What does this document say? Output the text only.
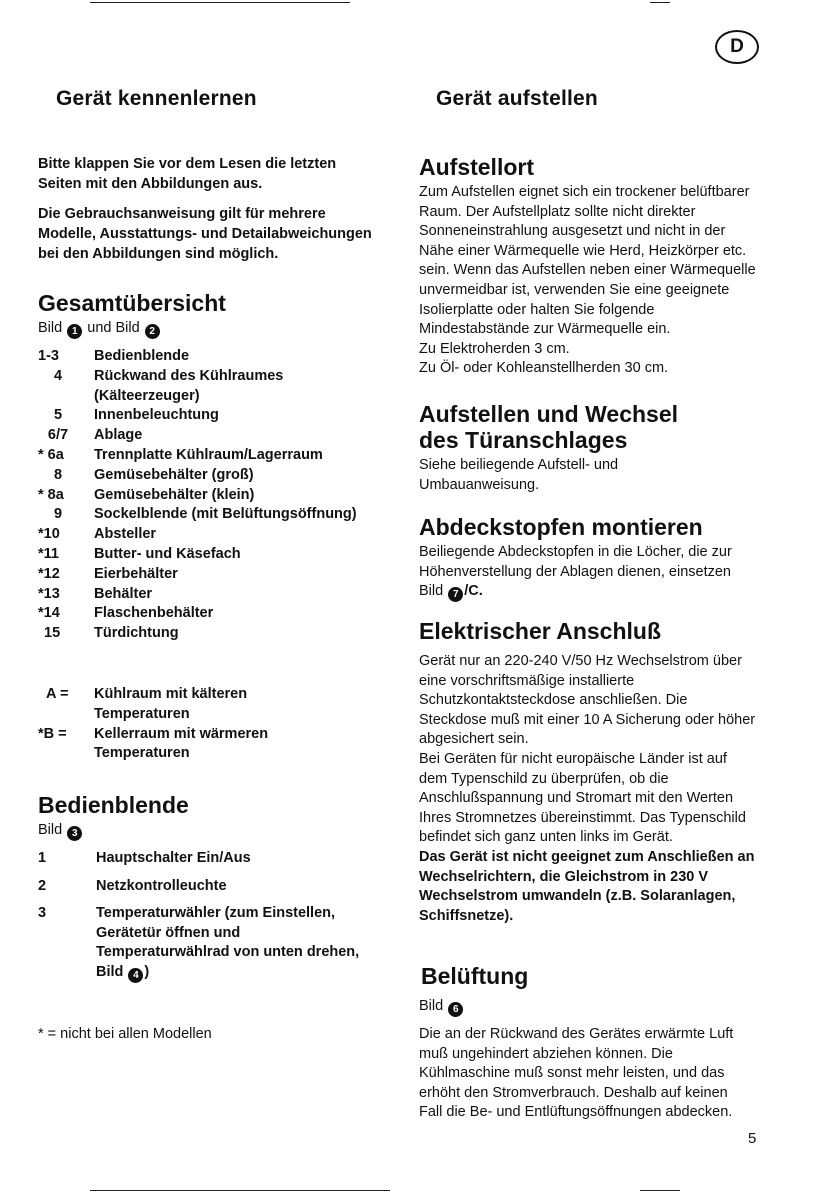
D
Gerät kennenlernen
Bitte klappen Sie vor dem Lesen die letzten Seiten mit den Abbildungen aus.
Die Gebrauchsanweisung gilt für mehrere Modelle, Ausstattungs- und Detailabweichungen bei den Abbildungen sind möglich.
Gesamtübersicht
Bild 1 und Bild 2
1-3	Bedienblende
4	Rückwand des Kühlraumes (Kälteerzeuger)
5	Innenbeleuchtung
6/7	Ablage
* 6a	Trennplatte Kühlraum/Lagerraum
8	Gemüsebehälter (groß)
* 8a	Gemüsebehälter (klein)
9	Sockelblende (mit Belüftungsöffnung)
*10	Absteller
*11	Butter- und Käsefach
*12	Eierbehälter
*13	Behälter
*14	Flaschenbehälter
15	Türdichtung
A =	Kühlraum mit kälteren Temperaturen
*B =	Kellerraum mit wärmeren Temperaturen
Bedienblende
Bild 3
1	Hauptschalter Ein/Aus
2	Netzkontrolleuchte
3	Temperaturwähler (zum Einstellen, Gerätetür öffnen und Temperaturwählrad von unten drehen, Bild 4 )
* = nicht bei allen Modellen
Gerät aufstellen
Aufstellort
Zum Aufstellen eignet sich ein trockener belüftbarer Raum. Der Aufstellplatz sollte nicht direkter Sonneneinstrahlung ausgesetzt und nicht in der Nähe einer Wärmequelle wie Herd, Heizkörper etc. sein. Wenn das Aufstellen neben einer Wärmequelle unvermeidbar ist, verwenden Sie eine geeignete Isolierplatte oder halten Sie folgende Mindestabstände zur Wärmequelle ein.
Zu Elektroherden 3 cm.
Zu Öl- oder Kohleanstellherden 30 cm.
Aufstellen und Wechsel des Türanschlages
Siehe beiliegende Aufstell- und Umbauanweisung.
Abdeckstopfen montieren
Beiliegende Abdeckstopfen in die Löcher, die zur Höhenverstellung der Ablagen dienen, einsetzen Bild 7 /C.
Elektrischer Anschluß
Gerät nur an 220-240 V/50 Hz Wechselstrom über eine vorschriftsmäßige installierte Schutzkontaktsteckdose anschließen. Die Steckdose muß mit einer 10 A Sicherung oder höher abgesichert sein.
Bei Geräten für nicht europäische Länder ist auf dem Typenschild zu überprüfen, ob die Anschlußspannung und Stromart mit den Werten Ihres Stromnetzes übereinstimmt. Das Typenschild befindet sich ganz unten links im Gerät.
Das Gerät ist nicht geeignet zum Anschließen an Wechselrichtern, die Gleichstrom in 230 V Wechselstrom umwandeln (z.B. Solaranlagen, Schiffsnetze).
Belüftung
Bild 6
Die an der Rückwand des Gerätes erwärmte Luft muß ungehindert abziehen können. Die Kühlmaschine muß sonst mehr leisten, und das erhöht den Stromverbrauch. Deshalb auf keinen Fall die Be- und Entlüftungsöffnungen abdecken.
5
